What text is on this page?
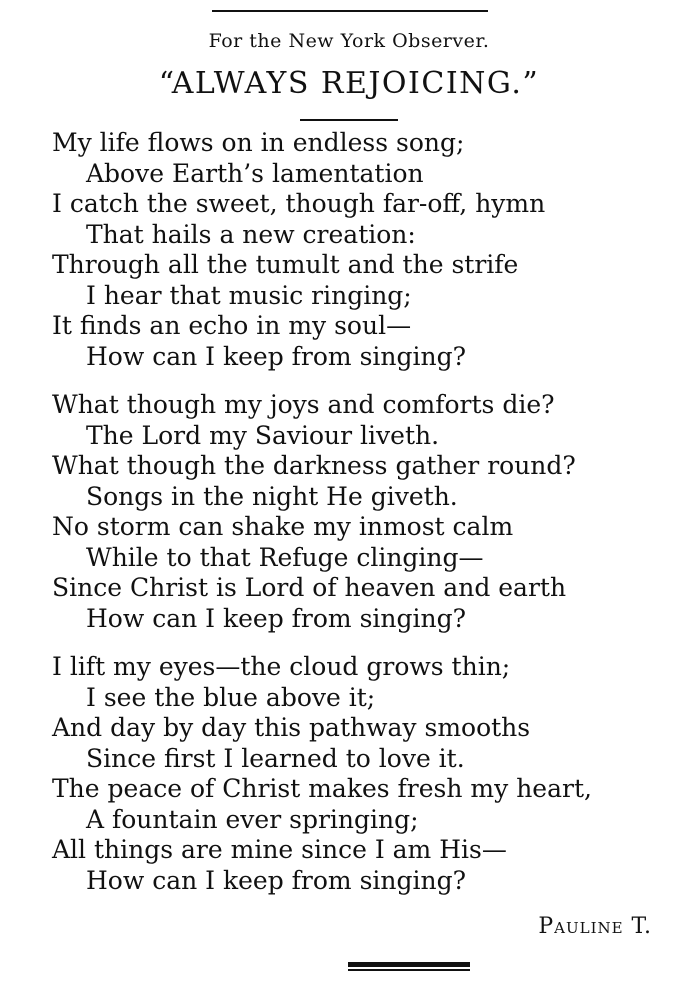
For the New York Observer.
“ALWAYS REJOICING.”
My life flows on in endless song;
Above Earth’s lamentation
I catch the sweet, though far-off, hymn
That hails a new creation:
Through all the tumult and the strife
I hear that music ringing;
It finds an echo in my soul—
How can I keep from singing?
What though my joys and comforts die?
The Lord my Saviour liveth.
What though the darkness gather round?
Songs in the night He giveth.
No storm can shake my inmost calm
While to that Refuge clinging—
Since Christ is Lord of heaven and earth
How can I keep from singing?
I lift my eyes—the cloud grows thin;
I see the blue above it;
And day by day this pathway smooths
Since first I learned to love it.
The peace of Christ makes fresh my heart,
A fountain ever springing;
All things are mine since I am His—
How can I keep from singing?
Pauline T.
